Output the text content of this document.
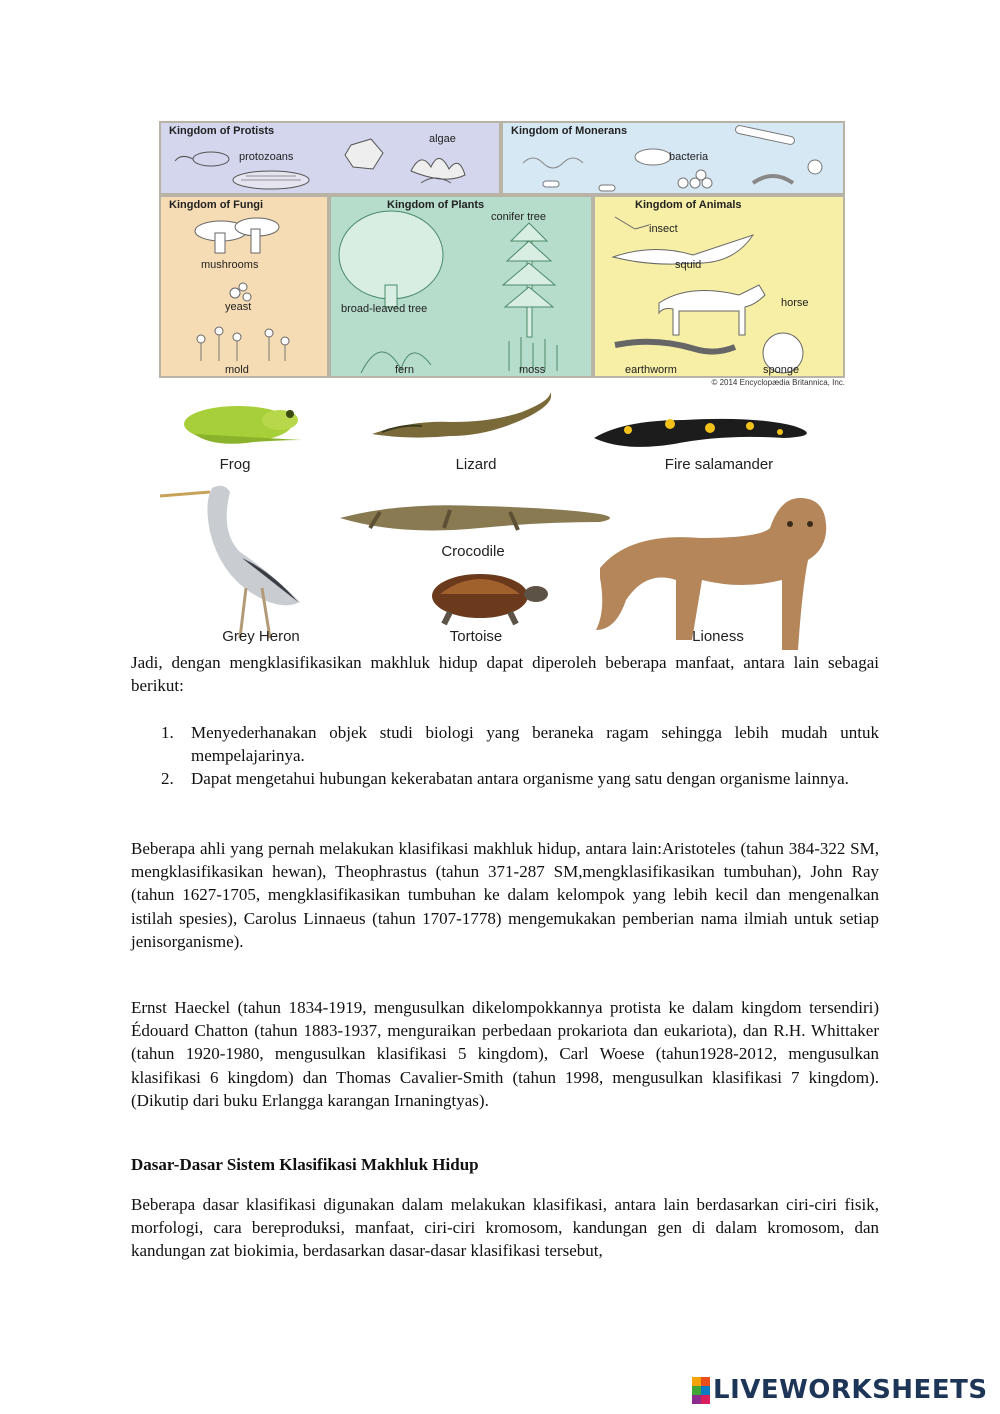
Kingdom of Protists
algae
protozoans
Kingdom of Monerans
bacteria
Kingdom of Fungi
mushrooms
yeast
mold
Kingdom of Plants
conifer tree
broad-leaved tree
fern	moss
Kingdom of Animals
insect
squid
horse
earthworm	sponge
© 2014 Encyclopædia Britannica, Inc.
Frog	Lizard	Fire salamander
Crocodile
Grey Heron	Tortoise	Lioness

Jadi, dengan mengklasifikasikan makhluk hidup dapat diperoleh beberapa manfaat, antara lain sebagai berikut:

1. Menyederhanakan objek studi biologi yang beraneka ragam sehingga lebih mudah untuk mempelajarinya.
2. Dapat mengetahui hubungan kekerabatan antara organisme yang satu dengan organisme lainnya.

Beberapa ahli yang pernah melakukan klasifikasi makhluk hidup, antara lain:Aristoteles (tahun 384-322 SM, mengklasifikasikan hewan), Theophrastus (tahun 371-287 SM,mengklasifikasikan tumbuhan), John Ray (tahun 1627-1705, mengklasifikasikan tumbuhan ke dalam kelompok yang lebih kecil dan mengenalkan istilah spesies), Carolus Linnaeus (tahun 1707-1778) mengemukakan pemberian nama ilmiah untuk setiap jenisorganisme).

Ernst Haeckel (tahun 1834-1919, mengusulkan dikelompokkannya protista ke dalam kingdom tersendiri) Édouard Chatton (tahun 1883-1937, menguraikan perbedaan prokariota dan eukariota), dan R.H. Whittaker (tahun 1920-1980, mengusulkan klasifikasi 5 kingdom), Carl Woese (tahun1928-2012, mengusulkan klasifikasi 6 kingdom) dan Thomas Cavalier-Smith (tahun 1998, mengusulkan klasifikasi 7 kingdom). (Dikutip dari buku Erlangga karangan Irnaningtyas).

Dasar-Dasar Sistem Klasifikasi Makhluk Hidup

Beberapa dasar klasifikasi digunakan dalam melakukan klasifikasi, antara lain berdasarkan ciri-ciri fisik, morfologi, cara bereproduksi, manfaat, ciri-ciri kromosom, kandungan gen di dalam kromosom, dan kandungan zat biokimia, berdasarkan dasar-dasar klasifikasi tersebut,

LIVEWORKSHEETS
